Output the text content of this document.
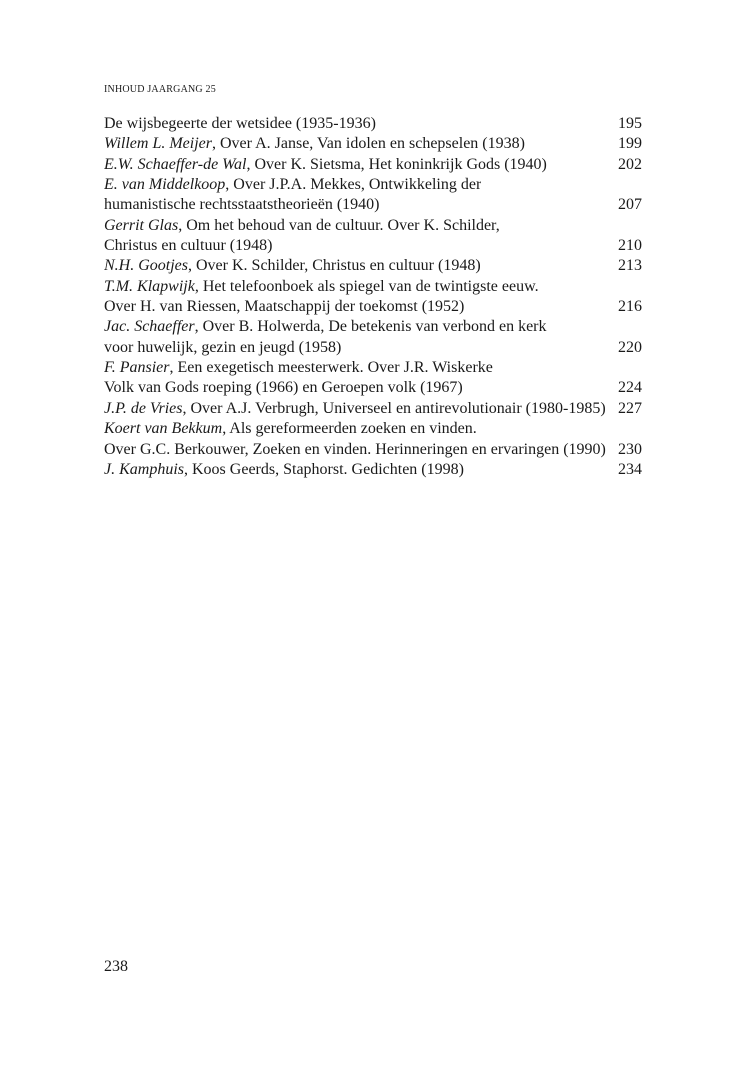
INHOUD JAARGANG 25
De wijsbegeerte der wetsidee (1935-1936)	195
Willem L. Meijer, Over A. Janse, Van idolen en schepselen (1938)	199
E.W. Schaeffer-de Wal, Over K. Sietsma, Het koninkrijk Gods (1940)	202
E. van Middelkoop, Over J.P.A. Mekkes, Ontwikkeling der
humanistische rechtsstaatstheorieën (1940)	207
Gerrit Glas, Om het behoud van de cultuur. Over K. Schilder,
Christus en cultuur (1948)	210
N.H. Gootjes, Over K. Schilder, Christus en cultuur (1948)	213
T.M. Klapwijk, Het telefoonboek als spiegel van de twintigste eeuw.
Over H. van Riessen, Maatschappij der toekomst (1952)	216
Jac. Schaeffer, Over B. Holwerda, De betekenis van verbond en kerk
voor huwelijk, gezin en jeugd (1958)	220
F. Pansier, Een exegetisch meesterwerk. Over J.R. Wiskerke
Volk van Gods roeping (1966) en Geroepen volk (1967)	224
J.P. de Vries, Over A.J. Verbrugh, Universeel en antirevolutionair (1980-1985) 227
Koert van Bekkum, Als gereformeerden zoeken en vinden.
Over G.C. Berkouwer, Zoeken en vinden. Herinneringen en ervaringen (1990) 230
J. Kamphuis, Koos Geerds, Staphorst. Gedichten (1998)	234
238
